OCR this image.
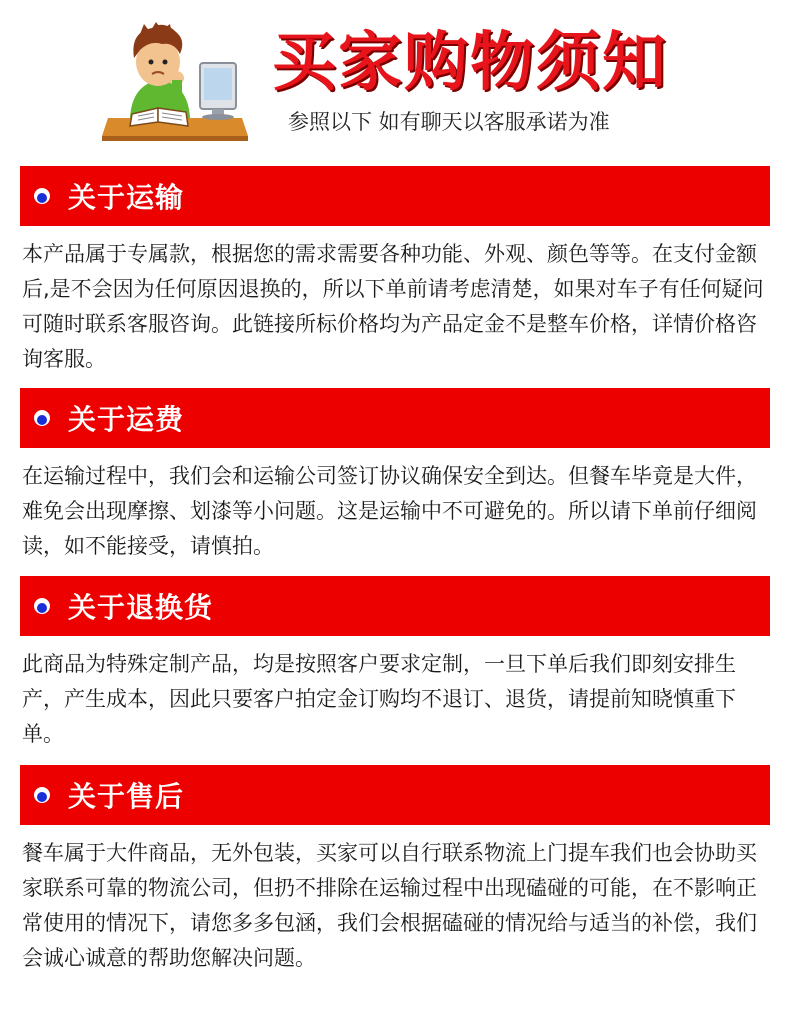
买家购物须知
参照以下 如有聊天以客服承诺为准
关于运输
本产品属于专属款，根据您的需求需要各种功能、外观、颜色等等。在支付金额后,是不会因为任何原因退换的，所以下单前请考虑清楚，如果对车子有任何疑问可随时联系客服咨询。此链接所标价格均为产品定金不是整车价格，详情价格咨询客服。
关于运费
在运输过程中，我们会和运输公司签订协议确保安全到达。但餐车毕竟是大件，难免会出现摩擦、划漆等小问题。这是运输中不可避免的。所以请下单前仔细阅读，如不能接受，请慎拍。
关于退换货
此商品为特殊定制产品，均是按照客户要求定制，一旦下单后我们即刻安排生产，产生成本，因此只要客户拍定金订购均不退订、退货，请提前知晓慎重下单。
关于售后
餐车属于大件商品，无外包装，买家可以自行联系物流上门提车我们也会协助买家联系可靠的物流公司，但扔不排除在运输过程中出现磕碰的可能，在不影响正常使用的情况下，请您多多包涵，我们会根据磕碰的情况给与适当的补偿，我们会诚心诚意的帮助您解决问题。
